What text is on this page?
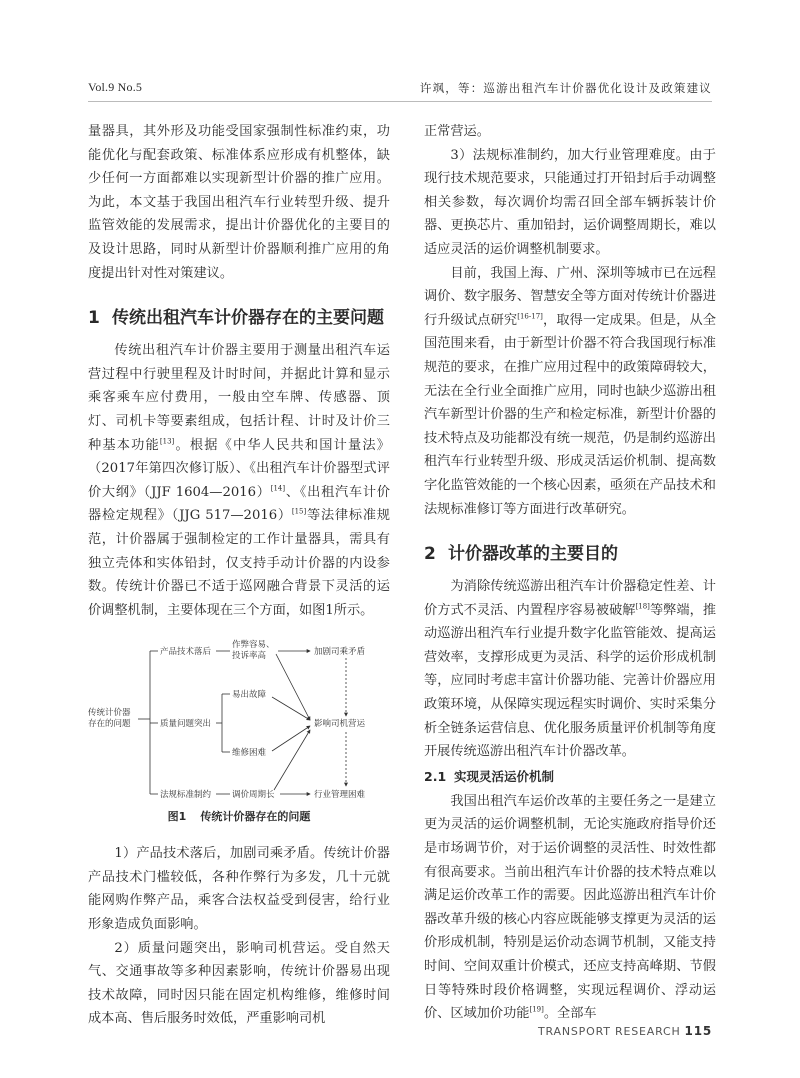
Vol.9 No.5	许飒，等：巡游出租汽车计价器优化设计及政策建议

量器具，其外形及功能受国家强制性标准约束，功能优化与配套政策、标准体系应形成有机整体，缺少任何一方面都难以实现新型计价器的推广应用。为此，本文基于我国出租汽车行业转型升级、提升监管效能的发展需求，提出计价器优化的主要目的及设计思路，同时从新型计价器顺利推广应用的角度提出针对性对策建议。

1 传统出租汽车计价器存在的主要问题

传统出租汽车计价器主要用于测量出租汽车运营过程中行驶里程及计时时间，并据此计算和显示乘客乘车应付费用，一般由空车牌、传感器、顶灯、司机卡等要素组成，包括计程、计时及计价三种基本功能[13]。根据《中华人民共和国计量法》（2017年第四次修订版）、《出租汽车计价器型式评价大纲》（JJF 1604—2016）[14]、《出租汽车计价器检定规程》（JJG 517—2016）[15]等法律标准规范，计价器属于强制检定的工作计量器具，需具有独立壳体和实体铅封，仅支持手动计价器的内设参数。传统计价器已不适于巡网融合背景下灵活的运价调整机制，主要体现在三个方面，如图1所示。

传统计价器
存在的问题
产品技术落后
质量问题突出
法规标准制约
作弊容易、
投诉率高	加剧司乘矛盾
易出故障
维修困难
影响司机营运
调价周期长	行业管理困难
图1 传统计价器存在的问题

1）产品技术落后，加剧司乘矛盾。传统计价器产品技术门槛较低，各种作弊行为多发，几十元就能网购作弊产品，乘客合法权益受到侵害，给行业形象造成负面影响。

2）质量问题突出，影响司机营运。受自然天气、交通事故等多种因素影响，传统计价器易出现技术故障，同时因只能在固定机构维修，维修时间成本高、售后服务时效低，严重影响司机

正常营运。

3）法规标准制约，加大行业管理难度。由于现行技术规范要求，只能通过打开铅封后手动调整相关参数，每次调价均需召回全部车辆拆装计价器、更换芯片、重加铅封，运价调整周期长，难以适应灵活的运价调整机制要求。

目前，我国上海、广州、深圳等城市已在远程调价、数字服务、智慧安全等方面对传统计价器进行升级试点研究[16-17]，取得一定成果。但是，从全国范围来看，由于新型计价器不符合我国现行标准规范的要求，在推广应用过程中的政策障碍较大，无法在全行业全面推广应用，同时也缺少巡游出租汽车新型计价器的生产和检定标准，新型计价器的技术特点及功能都没有统一规范，仍是制约巡游出租汽车行业转型升级、形成灵活运价机制、提高数字化监管效能的一个核心因素，亟须在产品技术和法规标准修订等方面进行改革研究。

2 计价器改革的主要目的

为消除传统巡游出租汽车计价器稳定性差、计价方式不灵活、内置程序容易被破解[18]等弊端，推动巡游出租汽车行业提升数字化监管能效、提高运营效率，支撑形成更为灵活、科学的运价形成机制等，应同时考虑丰富计价器功能、完善计价器应用政策环境，从保障实现远程实时调价、实时采集分析全链条运营信息、优化服务质量评价机制等角度开展传统巡游出租汽车计价器改革。

2.1 实现灵活运价机制

我国出租汽车运价改革的主要任务之一是建立更为灵活的运价调整机制，无论实施政府指导价还是市场调节价，对于运价调整的灵活性、时效性都有很高要求。当前出租汽车计价器的技术特点难以满足运价改革工作的需要。因此巡游出租汽车计价器改革升级的核心内容应既能够支撑更为灵活的运价形成机制，特别是运价动态调节机制，又能支持时间、空间双重计价模式，还应支持高峰期、节假日等特殊时段价格调整，实现远程调价、浮动运价、区域加价功能[19]。全部车

TRANSPORT RESEARCH 115
